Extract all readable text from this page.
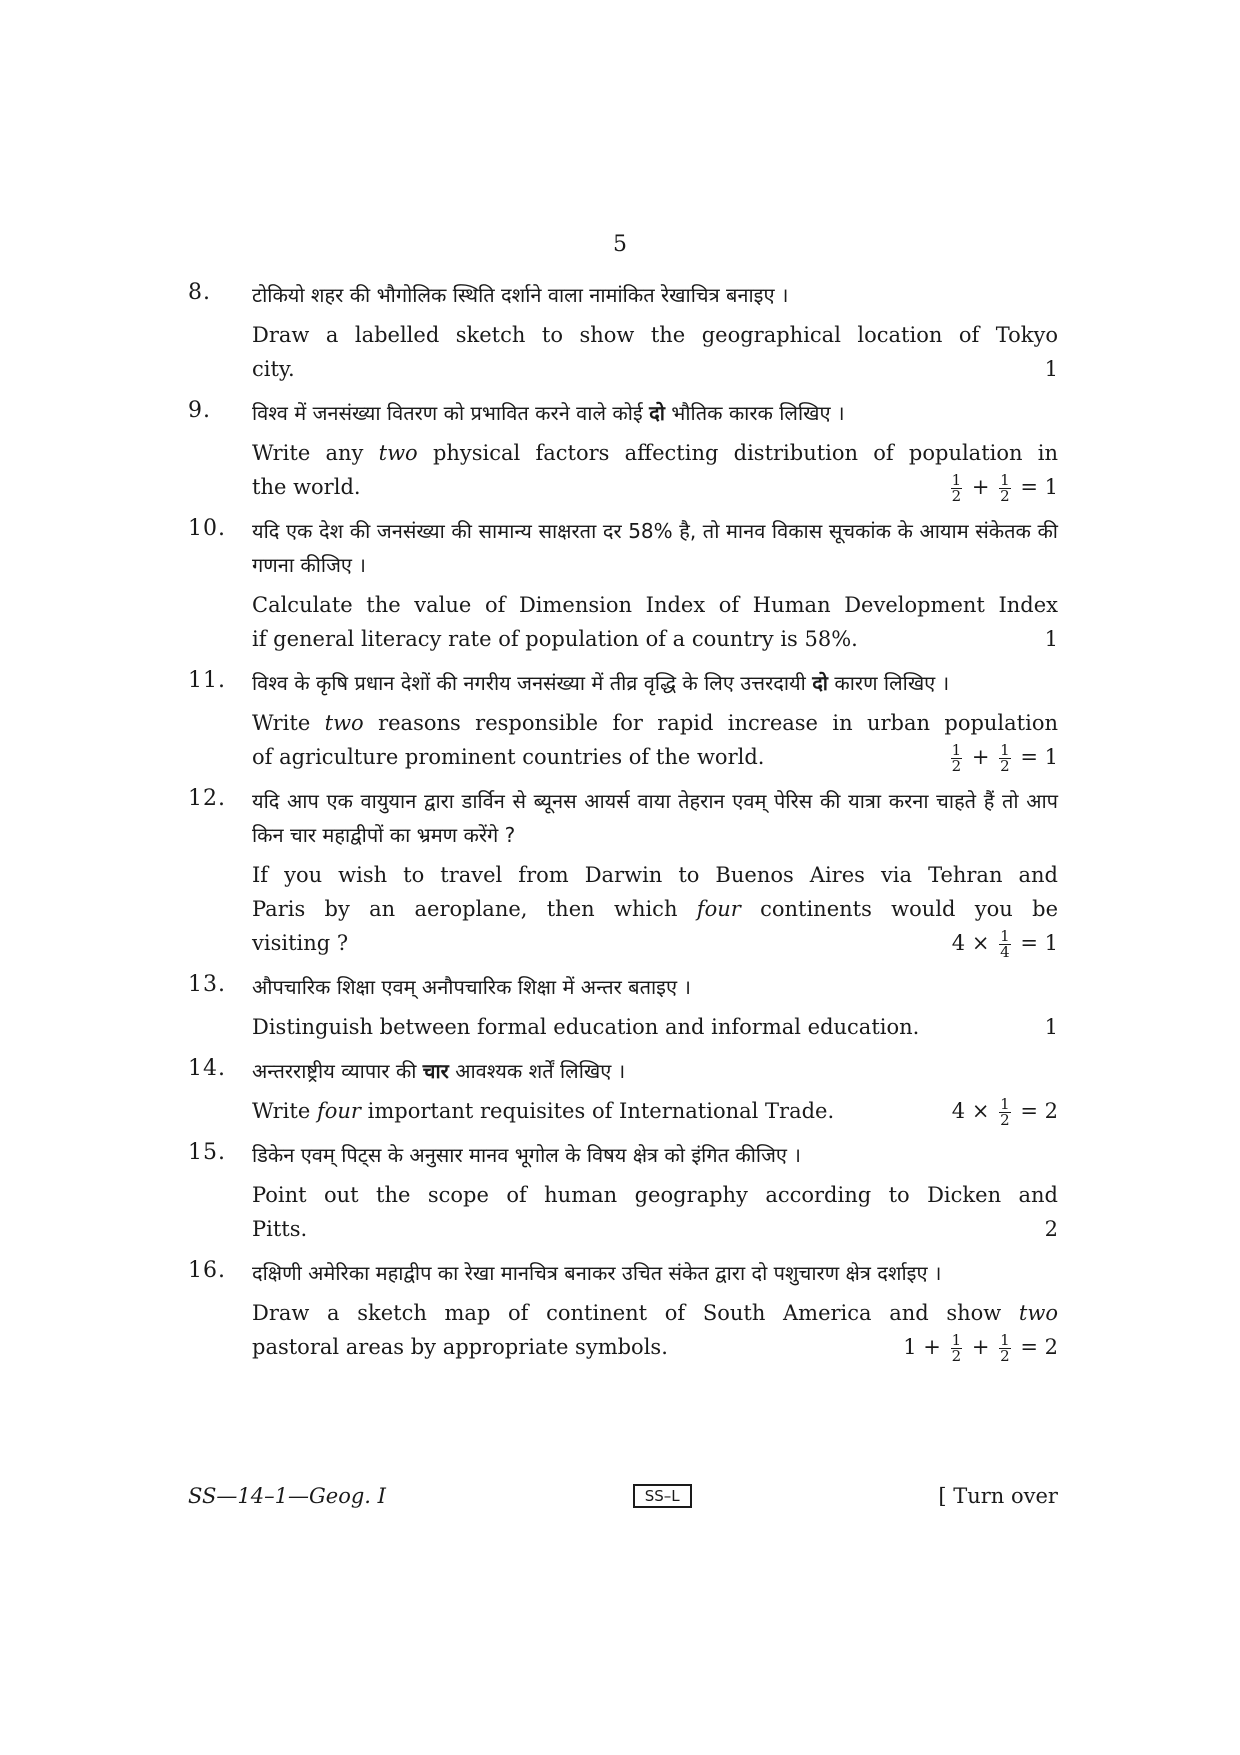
5
8.	टोकियो शहर की भौगोलिक स्थिति दर्शाने वाला नामांकित रेखाचित्र बनाइए ।
Draw a labelled sketch to show the geographical location of Tokyo
city.	1
9.	विश्व में जनसंख्या वितरण को प्रभावित करने वाले कोई दो भौतिक कारक लिखिए ।
Write any two physical factors affecting distribution of population in
the world.	$\frac{1}{2} + \frac{1}{2} = 1$
10.	यदि एक देश की जनसंख्या की सामान्य साक्षरता दर 58% है, तो मानव विकास सूचकांक के आयाम संकेतक की गणना कीजिए ।
Calculate the value of Dimension Index of Human Development Index
if general literacy rate of population of a country is 58%.	1
11.	विश्व के कृषि प्रधान देशों की नगरीय जनसंख्या में तीव्र वृद्धि के लिए उत्तरदायी दो कारण लिखिए ।
Write two reasons responsible for rapid increase in urban population
of agriculture prominent countries of the world.	$\frac{1}{2} + \frac{1}{2} = 1$
12.	यदि आप एक वायुयान द्वारा डार्विन से ब्यूनस आयर्स वाया तेहरान एवम् पेरिस की यात्रा करना चाहते हैं तो आप किन चार महाद्वीपों का भ्रमण करेंगे ?
If you wish to travel from Darwin to Buenos Aires via Tehran and
Paris by an aeroplane, then which four continents would you be
visiting ?	$4 \times \frac{1}{4} = 1$
13.	औपचारिक शिक्षा एवम् अनौपचारिक शिक्षा में अन्तर बताइए ।
Distinguish between formal education and informal education.	1
14.	अन्तरराष्ट्रीय व्यापार की चार आवश्यक शर्तें लिखिए ।
Write four important requisites of International Trade.	$4 \times \frac{1}{2} = 2$
15.	डिकेन एवम् पिट्स के अनुसार मानव भूगोल के विषय क्षेत्र को इंगित कीजिए ।
Point out the scope of human geography according to Dicken and
Pitts.	2
16.	दक्षिणी अमेरिका महाद्वीप का रेखा मानचित्र बनाकर उचित संकेत द्वारा दो पशुचारण क्षेत्र दर्शाइए ।
Draw a sketch map of continent of South America and show two
pastoral areas by appropriate symbols.	$1 + \frac{1}{2} + \frac{1}{2} = 2$
SS—14–1—Geog. I	SS–L	[ Turn over
